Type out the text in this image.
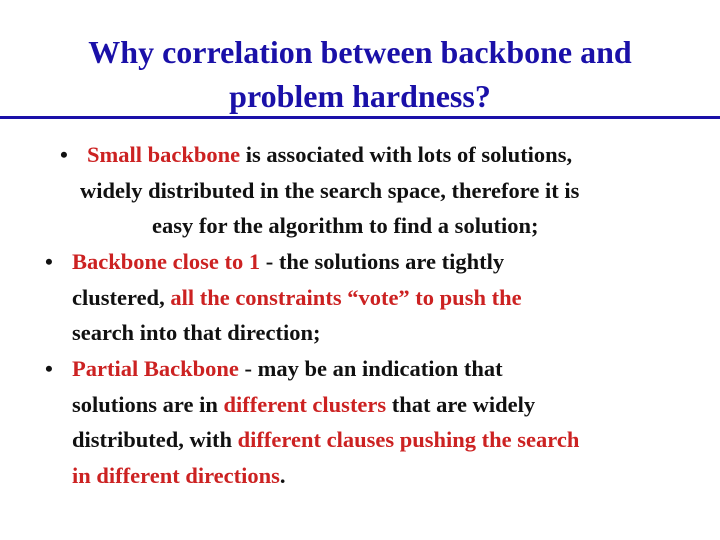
Why correlation between backbone and
problem hardness?
• Small backbone is associated with lots of solutions,
widely distributed in the search space, therefore it is
easy for the algorithm to find a solution;
• Backbone close to 1 - the solutions are tightly
clustered, all the constraints “vote” to push the
search into that direction;
• Partial Backbone - may be an indication that
solutions are in different clusters that are widely
distributed, with different clauses pushing the search
in different directions.
